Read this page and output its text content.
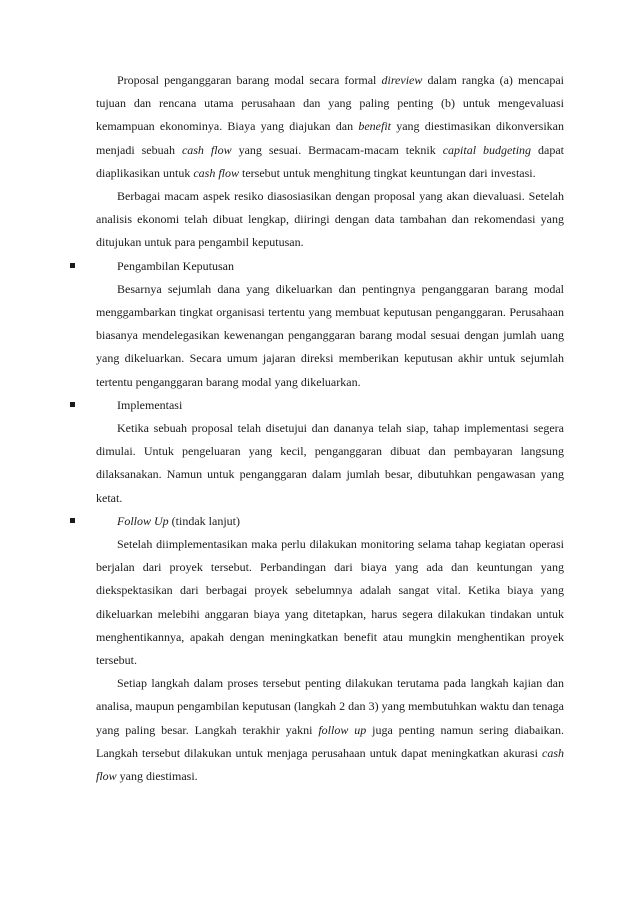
Proposal penganggaran barang modal secara formal direview dalam rangka (a) mencapai tujuan dan rencana utama perusahaan dan yang paling penting (b) untuk mengevaluasi kemampuan ekonominya. Biaya yang diajukan dan benefit yang diestimasikan dikonversikan menjadi sebuah cash flow yang sesuai. Bermacam-macam teknik capital budgeting dapat diaplikasikan untuk cash flow tersebut untuk menghitung tingkat keuntungan dari investasi.

Berbagai macam aspek resiko diasosiasikan dengan proposal yang akan dievaluasi. Setelah analisis ekonomi telah dibuat lengkap, diiringi dengan data tambahan dan rekomendasi yang ditujukan untuk para pengambil keputusan.

Pengambilan Keputusan

Besarnya sejumlah dana yang dikeluarkan dan pentingnya penganggaran barang modal menggambarkan tingkat organisasi tertentu yang membuat keputusan penganggaran. Perusahaan biasanya mendelegasikan kewenangan penganggaran barang modal sesuai dengan jumlah uang yang dikeluarkan. Secara umum jajaran direksi memberikan keputusan akhir untuk sejumlah tertentu penganggaran barang modal yang dikeluarkan.

Implementasi

Ketika sebuah proposal telah disetujui dan dananya telah siap, tahap implementasi segera dimulai. Untuk pengeluaran yang kecil, penganggaran dibuat dan pembayaran langsung dilaksanakan. Namun untuk penganggaran dalam jumlah besar, dibutuhkan pengawasan yang ketat.

Follow Up (tindak lanjut)

Setelah diimplementasikan maka perlu dilakukan monitoring selama tahap kegiatan operasi berjalan dari proyek tersebut. Perbandingan dari biaya yang ada dan keuntungan yang diekspektasikan dari berbagai proyek sebelumnya adalah sangat vital. Ketika biaya yang dikeluarkan melebihi anggaran biaya yang ditetapkan, harus segera dilakukan tindakan untuk menghentikannya, apakah dengan meningkatkan benefit atau mungkin menghentikan proyek tersebut.

Setiap langkah dalam proses tersebut penting dilakukan terutama pada langkah kajian dan analisa, maupun pengambilan keputusan (langkah 2 dan 3) yang membutuhkan waktu dan tenaga yang paling besar. Langkah terakhir yakni follow up juga penting namun sering diabaikan. Langkah tersebut dilakukan untuk menjaga perusahaan untuk dapat meningkatkan akurasi cash flow yang diestimasi.
